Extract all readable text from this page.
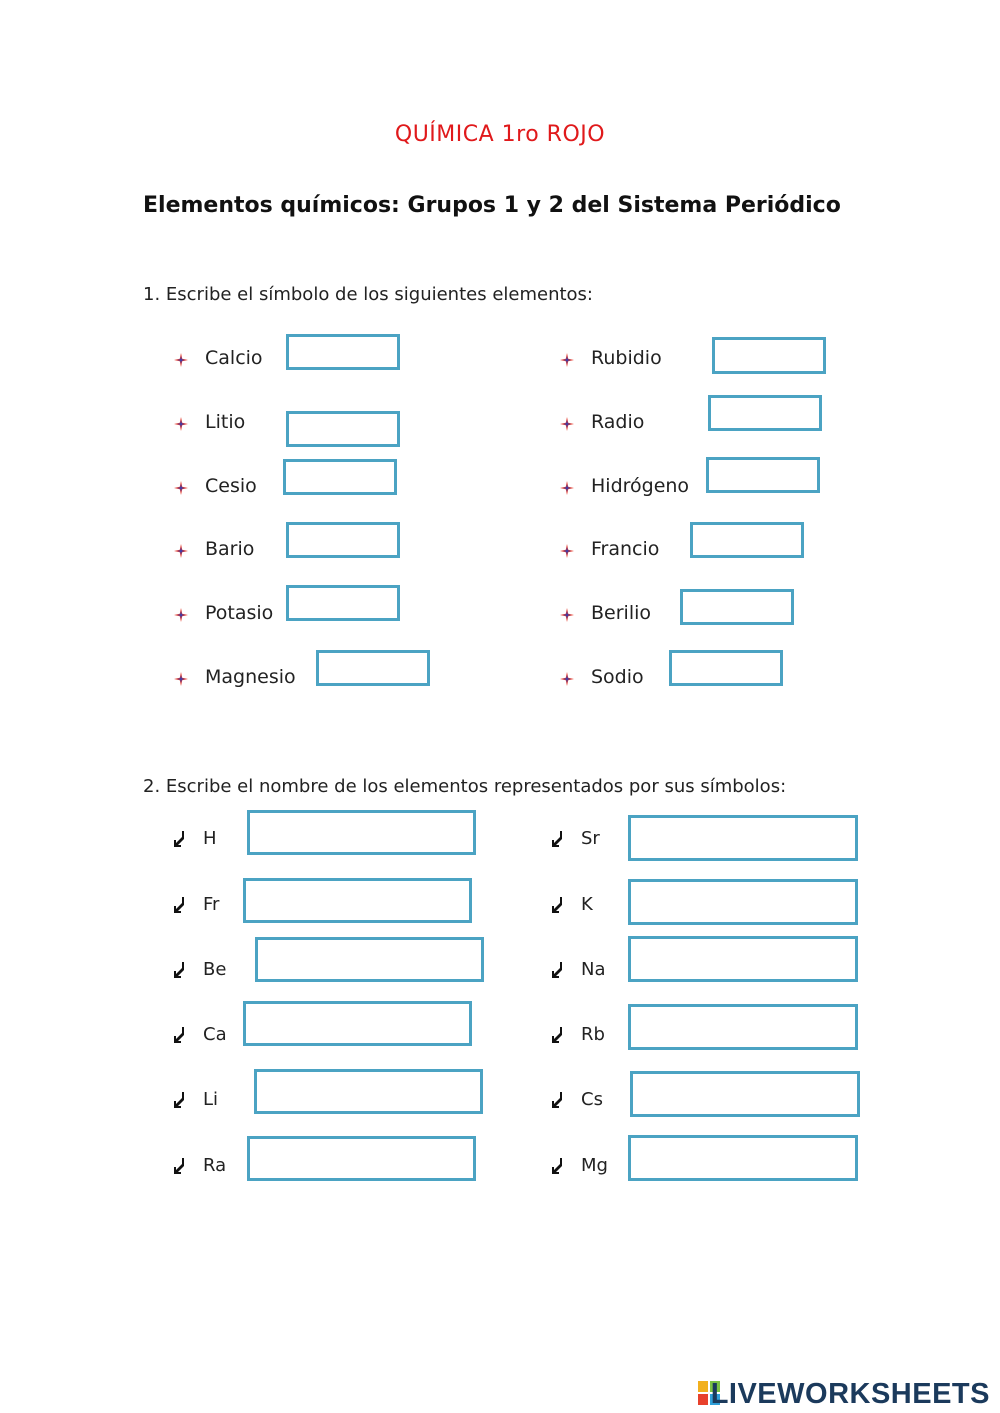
QUÍMICA 1ro ROJO
Elementos químicos: Grupos 1 y 2 del Sistema Periódico
1. Escribe el símbolo de los siguientes elementos:
Calcio
Litio
Cesio
Bario
Potasio
Magnesio
Rubidio
Radio
Hidrógeno
Francio
Berilio
Sodio
2. Escribe el nombre de los elementos representados por sus símbolos:
H
Fr
Be
Ca
Li
Ra
Sr
K
Na
Rb
Cs
Mg
LIVEWORKSHEETS
